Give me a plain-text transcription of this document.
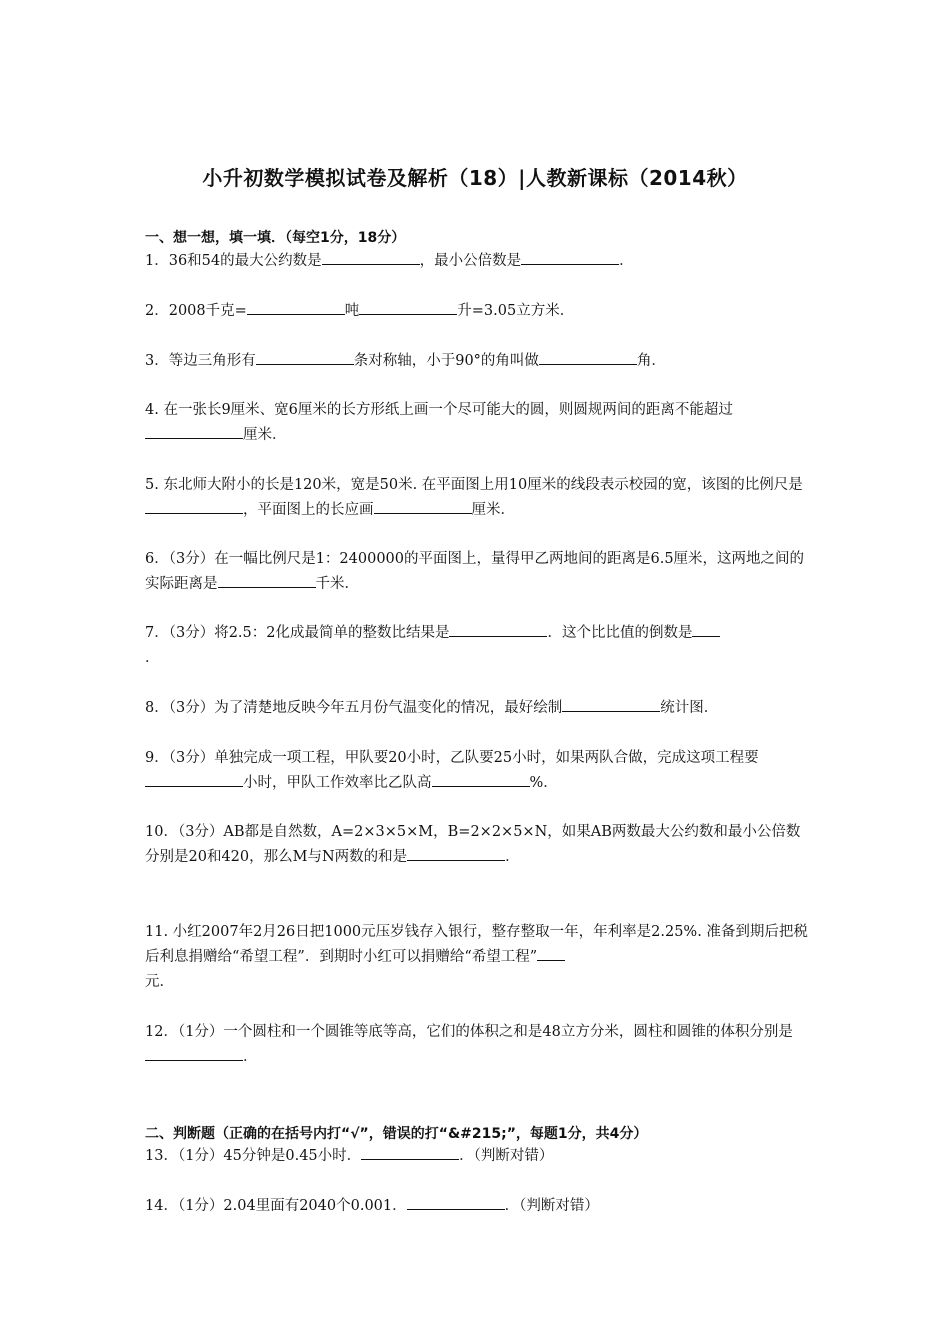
小升初数学模拟试卷及解析（18）|人教新课标（2014秋）
一、想一想，填一填．（每空1分，18分）
1．36和54的最大公约数是	，最小公倍数是	．
2．2008千克=	吨	升=3.05立方米．
3．等边三角形有	条对称轴，小于90°的角叫做	角．
4. 在一张长9厘米、宽6厘米的长方形纸上画一个尽可能大的圆，则圆规两间的距离不能超过厘米．
5. 东北师大附小的长是120米，宽是50米. 在平面图上用10厘米的线段表示校园的宽，该图的比例尺是，平面图上的长应画	厘米．
6．（3分）在一幅比例尺是1：2400000的平面图上，量得甲乙两地间的距离是6.5厘米，这两地之间的实际距离是	千米．
7．（3分）将2.5：2化成最简单的整数比结果是	．这个比比值的倒数是
．
8．（3分）为了清楚地反映今年五月份气温变化的情况，最好绘制	统计图．
9．（3分）单独完成一项工程，甲队要20小时，乙队要25小时，如果两队合做，完成这项工程要小时，甲队工作效率比乙队高	%．
10．（3分）AB都是自然数，A=2×3×5×M，B=2×2×5×N，如果AB两数最大公约数和最小公倍数分别是20和420，那么M与N两数的和是	．
11. 小红2007年2月26日把1000元压岁钱存入银行，整存整取一年，年利率是2.25%. 准备到期后把税后利息捐赠给“希望工程”．到期时小红可以捐赠给“希望工程”
元．
12．（1分）一个圆柱和一个圆锥等底等高，它们的体积之和是48立方分米，圆柱和圆锥的体积分别是．
二、判断题（正确的在括号内打“√”，错误的打“&#215;”，每题1分，共4分）
13．（1分）45分钟是0.45小时．	．（判断对错）
14．（1分）2.04里面有2040个0.001．	．（判断对错）
